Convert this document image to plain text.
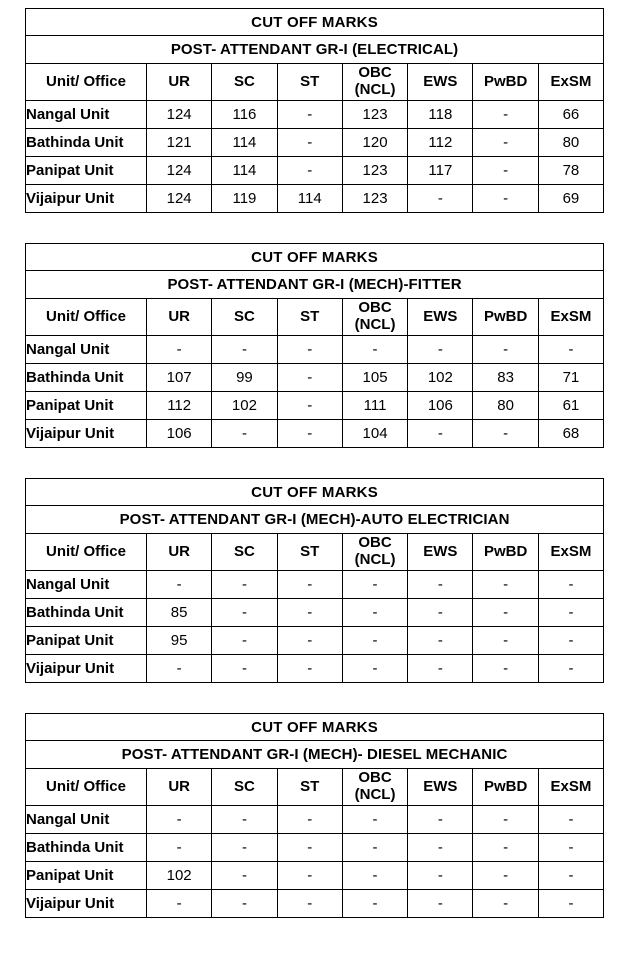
CUT OFF MARKS							
POST- ATTENDANT GR-I (ELECTRICAL)							
Unit/ Office	UR	SC	ST	OBC (NCL)	EWS	PwBD	ExSM
Nangal Unit	124	116	-	123	118	-	66
Bathinda Unit	121	114	-	120	112	-	80
Panipat Unit	124	114	-	123	117	-	78
Vijaipur Unit	124	119	114	123	-	-	69
CUT OFF MARKS							
POST- ATTENDANT GR-I (MECH)-FITTER							
Unit/ Office	UR	SC	ST	OBC (NCL)	EWS	PwBD	ExSM
Nangal Unit	-	-	-	-	-	-	-
Bathinda Unit	107	99	-	105	102	83	71
Panipat Unit	112	102	-	111	106	80	61
Vijaipur Unit	106	-	-	104	-	-	68
CUT OFF MARKS							
POST- ATTENDANT GR-I (MECH)-AUTO ELECTRICIAN							
Unit/ Office	UR	SC	ST	OBC (NCL)	EWS	PwBD	ExSM
Nangal Unit	-	-	-	-	-	-	-
Bathinda Unit	85	-	-	-	-	-	-
Panipat Unit	95	-	-	-	-	-	-
Vijaipur Unit	-	-	-	-	-	-	-
CUT OFF MARKS							
POST- ATTENDANT GR-I (MECH)- DIESEL MECHANIC							
Unit/ Office	UR	SC	ST	OBC (NCL)	EWS	PwBD	ExSM
Nangal Unit	-	-	-	-	-	-	-
Bathinda Unit	-	-	-	-	-	-	-
Panipat Unit	102	-	-	-	-	-	-
Vijaipur Unit	-	-	-	-	-	-	-
